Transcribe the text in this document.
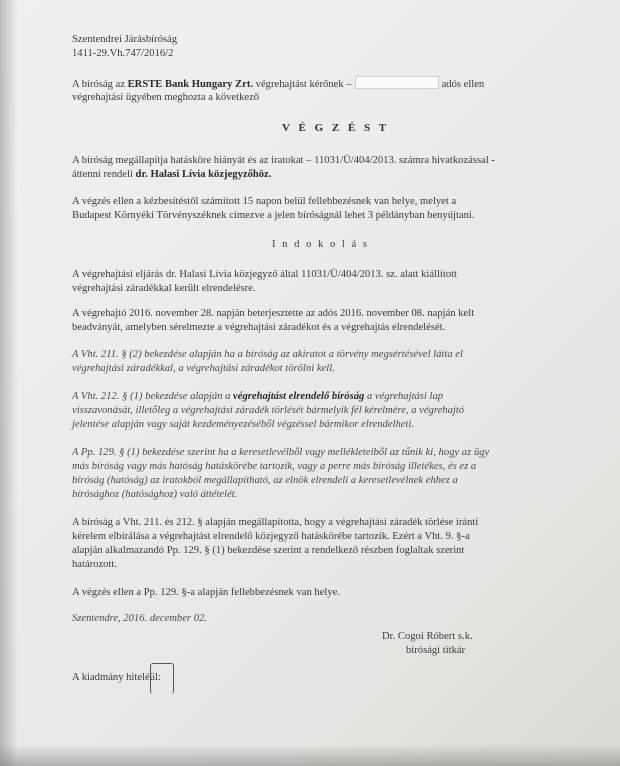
Szentendrei Járásbíróság
1411-29.Vh.747/2016/2
A bíróság az ERSTE Bank Hungary Zrt. végrehajtást kérőnek –	adós ellen
végrehajtási ügyében meghozta a következő
V É G Z É S T
A bíróság megállapítja hatásköre hiányát és az iratokat – 11031/Ü/404/2013. számra hivatkozással -
áttenni rendeli dr. Halasi Lívia közjegyzőhöz.
A végzés ellen a kézbesítéstől számított 15 napon belül fellebbezésnek van helye, melyet a
Budapest Környéki Törvényszéknek címezve a jelen bíróságnál lehet 3 példányban benyújtani.
I n d o k o l á s
A végrehajtási eljárás dr. Halasi Lívia közjegyző által 11031/Ü/404/2013. sz. alatt kiállított
végrehajtási záradékkal került elrendelésre.
A végrehajtó 2016. november 28. napján beterjesztette az adós 2016. november 08. napján kelt
beadványát, amelyben sérelmezte a végrehajtási záradékot és a végrehajtás elrendelését.
A Vht. 211. § (2) bekezdése alapján ha a bíróság az akiratot a törvény megsértésével látta el
végrehajtási záradékkal, a végrehajtási záradékot törölni kell.
A Vht. 212. § (1) bekezdése alapján a végrehajtást elrendelő bíróság a végrehajtási lap
visszavonását, illetőleg a végrehajtási záradék törlését bármelyik fél kérelmére, a végrehajtó
jelentése alapján vagy saját kezdeményezéséből végzéssel bármikor elrendelheti.
A Pp. 129. § (1) bekezdése szerint ha a keresetlevélből vagy mellékleteiből az tűnik ki, hogy az ügy
más bíróság vagy más hatóság hatáskörébe tartozik, vagy a perre más bíróság illetékes, és ez a
bíróság (hatóság) az iratokból megállapítható, az elnök elrendeli a keresetlevélnek ehhez a
bírósághoz (hatósághoz) való áttételét.
A bíróság a Vht. 211. és 212. § alapján megállapította, hogy a végrehajtási záradék törlése iránti
kérelem elbírálása a végrehajtást elrendelő közjegyző hatáskörébe tartozik. Ezért a Vht. 9. §-a
alapján alkalmazandó Pp. 129. § (1) bekezdése szerint a rendelkező részben foglaltak szerint
határozott.
A végzés ellen a Pp. 129. §-a alapján fellebbezésnek van helye.
Szentendre, 2016. december 02.
Dr. Cogoi Róbert s.k.
bírósági titkár
A kiadmány hiteléül:
